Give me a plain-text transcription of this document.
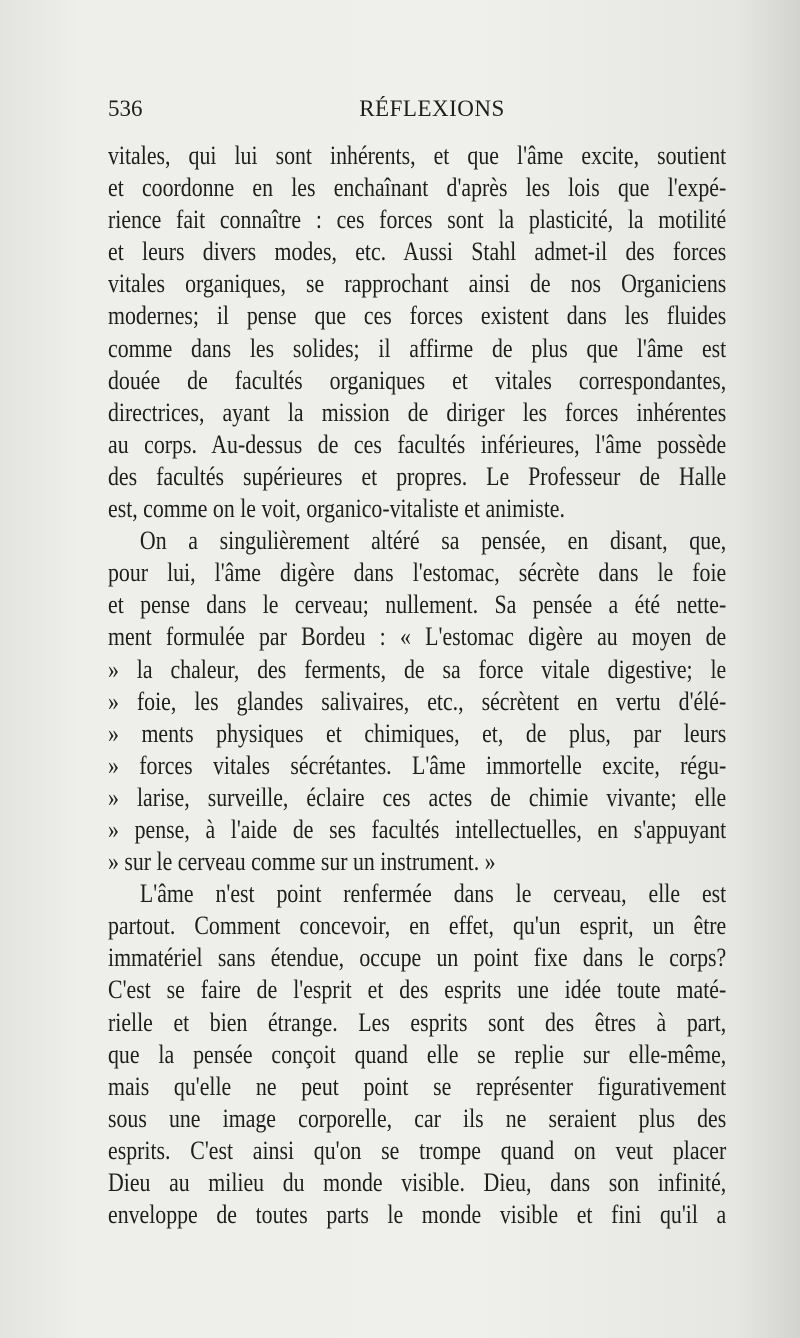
536	RÉFLEXIONS
vitales, qui lui sont inhérents, et que l'âme excite, soutient
et coordonne en les enchaînant d'après les lois que l'expé-
rience fait connaître : ces forces sont la plasticité, la motilité
et leurs divers modes, etc. Aussi Stahl admet-il des forces
vitales organiques, se rapprochant ainsi de nos Organiciens
modernes; il pense que ces forces existent dans les fluides
comme dans les solides; il affirme de plus que l'âme est
douée de facultés organiques et vitales correspondantes,
directrices, ayant la mission de diriger les forces inhérentes
au corps. Au-dessus de ces facultés inférieures, l'âme possède
des facultés supérieures et propres. Le Professeur de Halle
est, comme on le voit, organico-vitaliste et animiste.
On a singulièrement altéré sa pensée, en disant, que,
pour lui, l'âme digère dans l'estomac, sécrète dans le foie
et pense dans le cerveau; nullement. Sa pensée a été nette-
ment formulée par Bordeu : « L'estomac digère au moyen de
» la chaleur, des ferments, de sa force vitale digestive; le
» foie, les glandes salivaires, etc., sécrètent en vertu d'élé-
» ments physiques et chimiques, et, de plus, par leurs
» forces vitales sécrétantes. L'âme immortelle excite, régu-
» larise, surveille, éclaire ces actes de chimie vivante; elle
» pense, à l'aide de ses facultés intellectuelles, en s'appuyant
» sur le cerveau comme sur un instrument. »
L'âme n'est point renfermée dans le cerveau, elle est
partout. Comment concevoir, en effet, qu'un esprit, un être
immatériel sans étendue, occupe un point fixe dans le corps?
C'est se faire de l'esprit et des esprits une idée toute maté-
rielle et bien étrange. Les esprits sont des êtres à part,
que la pensée conçoit quand elle se replie sur elle-même,
mais qu'elle ne peut point se représenter figurativement
sous une image corporelle, car ils ne seraient plus des
esprits. C'est ainsi qu'on se trompe quand on veut placer
Dieu au milieu du monde visible. Dieu, dans son infinité,
enveloppe de toutes parts le monde visible et fini qu'il a
